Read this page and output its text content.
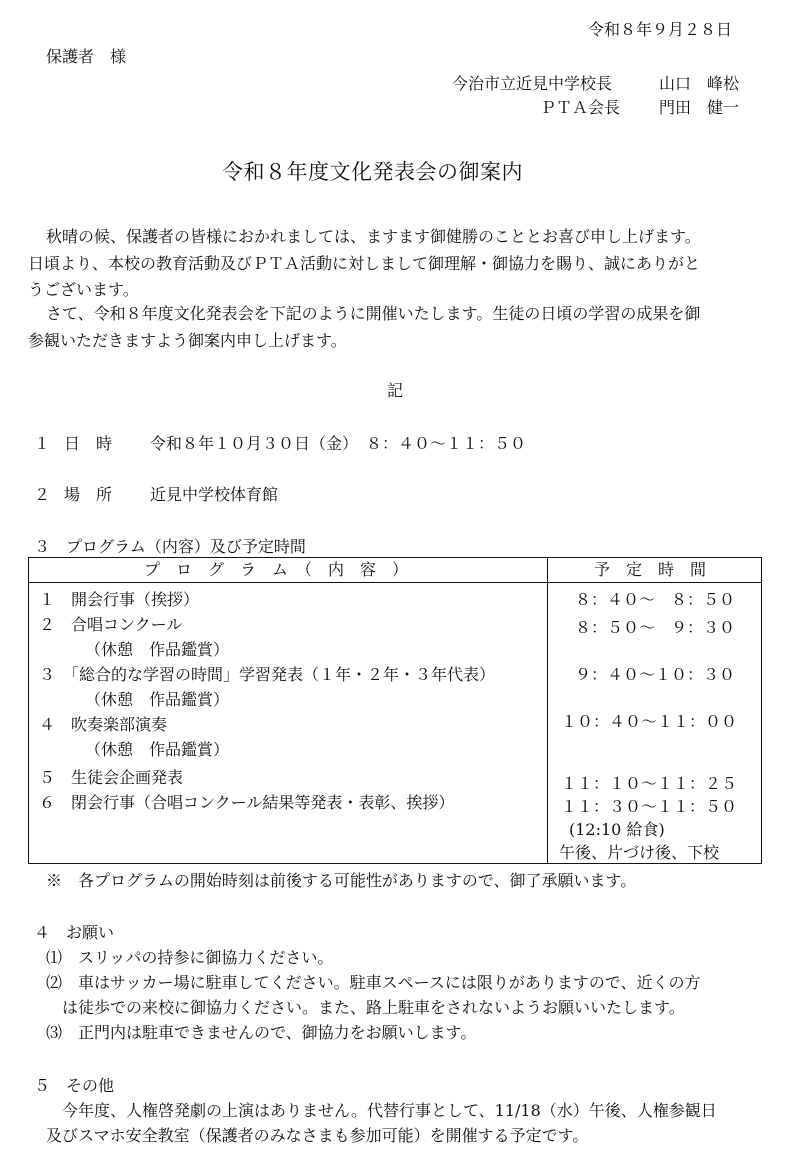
令和８年９月２８日
保護者　様
今治市立近見中学校長	山口　峰松
ＰＴＡ会長 門田　健一
令和８年度文化発表会の御案内
秋晴の候、保護者の皆様におかれましては、ますます御健勝のこととお喜び申し上げます。
日頃より、本校の教育活動及びＰＴＡ活動に対しまして御理解・御協力を賜り、誠にありがと
うございます。
さて、令和８年度文化発表会を下記のように開催いたします。生徒の日頃の学習の成果を御
参観いただきますよう御案内申し上げます。
記
１ 日　時 令和８年１０月３０日（金）　８：４０～１１：５０
２ 場　所 近見中学校体育館
３　プログラム（内容）及び予定時間
プ　ロ　グ　ラ　ム　（　内　容　）	予　定　時　間
１　開会行事（挨拶）
２　合唱コンクール
（休憩　作品鑑賞）
３　「総合的な学習の時間」学習発表（１年・２年・３年代表）
（休憩　作品鑑賞）
４　吹奏楽部演奏
（休憩　作品鑑賞）
５　生徒会企画発表
６　閉会行事（合唱コンクール結果等発表・表彰、挨拶）
８：４０～　８：５０
８：５０～　９：３０
９：４０～１０：３０
１０：４０～１１：００
１１：１０～１１：２５
１１：３０～１１：５０
(12:10 給食)
午後、片づけ後、下校
※　各プログラムの開始時刻は前後する可能性がありますので、御了承願います。
４　お願い
⑴　スリッパの持参に御協力ください。
⑵　車はサッカー場に駐車してください。駐車スペースには限りがありますので、近くの方
は徒歩での来校に御協力ください。また、路上駐車をされないようお願いいたします。
⑶　正門内は駐車できませんので、御協力をお願いします。
５　その他
今年度、人権啓発劇の上演はありません。代替行事として、11/18（水）午後、人権参観日
及びスマホ安全教室（保護者のみなさまも参加可能）を開催する予定です。
